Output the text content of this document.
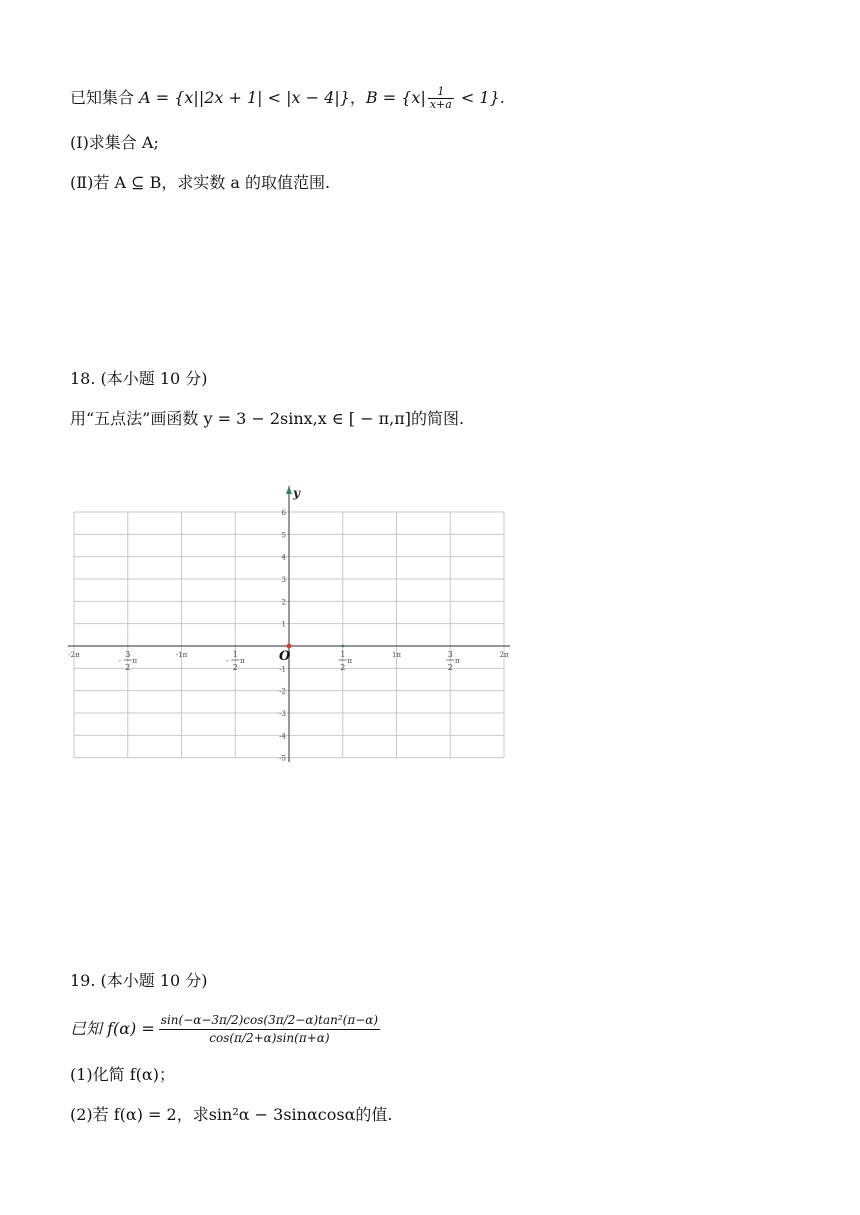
已知集合 A = {x||2x + 1| < |x − 4|}，$B = \{x| \frac{1}{x+a} < 1\}$.
(Ⅰ)求集合 A;
(Ⅱ)若 A ⊆ B，求实数 a 的取值范围.
18. (本小题 10 分)
用“五点法”画函数 y = 3 − 2sinx,x ∈ [ − π,π]的简图.
y
6
5
4
3
2
1
-1
-2
-3
-4
-5
-2π	-1π	1π	2π
-
3
2
π	-
1
2
π
1
2
π
3
2
π
O
19. (本小题 10 分)
已知 $f(\alpha) = \frac{\text{sin(−α−3π/2)cos(3π/2−α)tan²(π−α)}}{\cos(\pi/2+\alpha)\sin(\pi+\alpha)}$
(1)化简 f(α)；
(2)若 f(α) = 2，求sin²α − 3sinαcosα的值.
